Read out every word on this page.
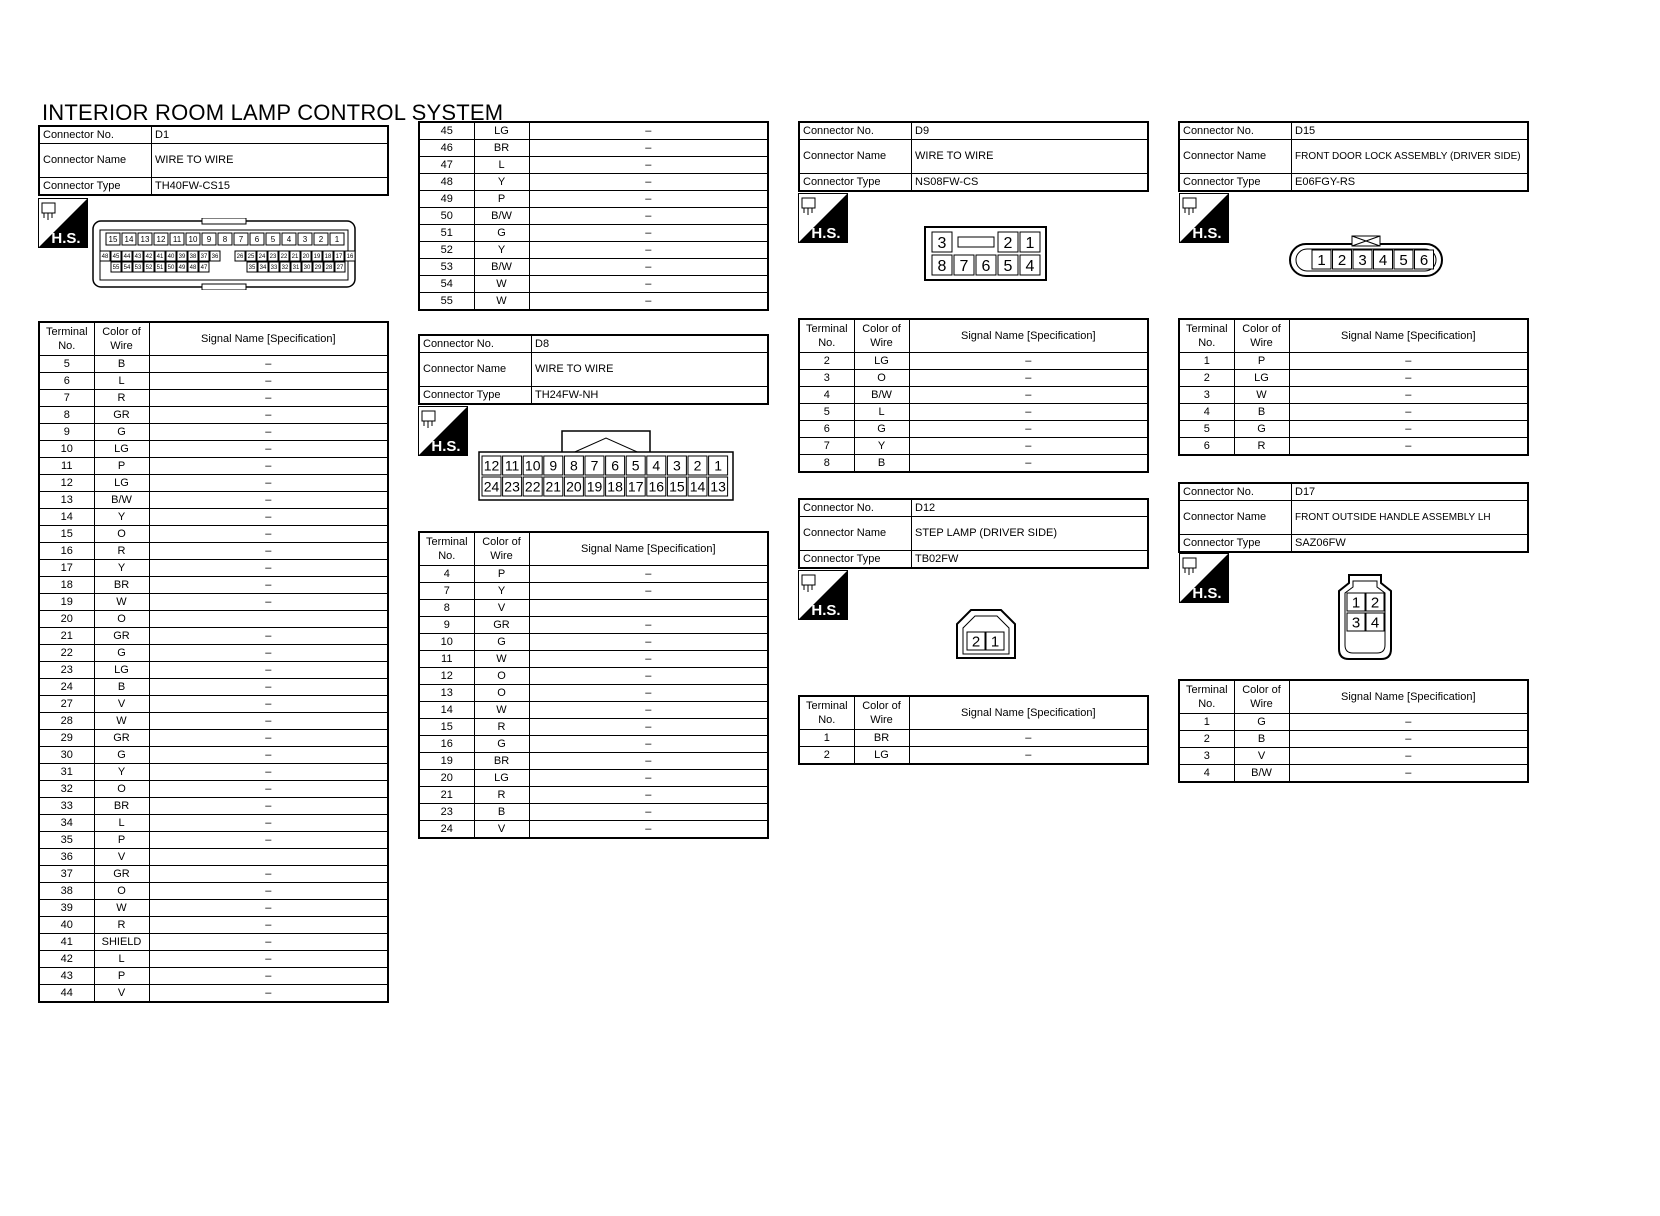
INTERIOR ROOM LAMP CONTROL SYSTEM
Connector No.	D1
Connector Name	WIRE TO WIRE
Connector Type	TH40FW-CS15
H.S.	15 14 13 12 11 10 9 8 7 6 5 4 3 2 1
48 45 44 43 42 41 40 39 38 37 36	26 25 24 23 22 21 20 19 18 17 16
55 54 53 52 51 50 49 48 47	35 34 33 32 31 30 29 28 27
Terminal No.	Color of Wire	Signal Name [Specification]
5	B	–
6	L	–
7	R	–
8	GR	–
9	G	–
10	LG	–
11	P	–
12	LG	–
13	B/W	–
14	Y	–
15	O	–
16	R	–
17	Y	–
18	BR	–
19	W	–
20	O	
21	GR	–
22	G	–
23	LG	–
24	B	–
27	V	–
28	W	–
29	GR	–
30	G	–
31	Y	–
32	O	–
33	BR	–
34	L	–
35	P	–
36	V	
37	GR	–
38	O	–
39	W	–
40	R	–
41	SHIELD	–
42	L	–
43	P	–
44	V	–
45	LG	–
46	BR	–
47	L	–
48	Y	–
49	P	–
50	B/W	–
51	G	–
52	Y	–
53	B/W	–
54	W	–
55	W	–
Connector No.	D8
Connector Name	WIRE TO WIRE
Connector Type	TH24FW-NH
H.S.
12 11 10 9 8 7 6 5 4 3 2 1
24 23 22 21 20 19 18 17 16 15 14 13
Terminal No.	Color of Wire	Signal Name [Specification]
4	P	–
7	Y	–
8	V	
9	GR	–
10	G	–
11	W	–
12	O	–
13	O	–
14	W	–
15	R	–
16	G	–
19	BR	–
20	LG	–
21	R	–
23	B	–
24	V	–
Connector No.	D9
Connector Name	WIRE TO WIRE
Connector Type	NS08FW-CS
H.S.
3	2 1
8 7 6 5 4
Terminal No.	Color of Wire	Signal Name [Specification]
2	LG	–
3	O	–
4	B/W	–
5	L	–
6	G	–
7	Y	–
8	B	–
Connector No.	D12
Connector Name	STEP LAMP (DRIVER SIDE)
Connector Type	TB02FW
H.S.
2 1
Terminal No.	Color of Wire	Signal Name [Specification]
1	BR	–
2	LG	–
Connector No.	D15
Connector Name	FRONT DOOR LOCK ASSEMBLY (DRIVER SIDE)
Connector Type	E06FGY-RS
H.S.
1 2 3 4 5 6
Terminal No.	Color of Wire	Signal Name [Specification]
1	P	–
2	LG	–
3	W	–
4	B	–
5	G	–
6	R	–
Connector No.	D17
Connector Name	FRONT OUTSIDE HANDLE ASSEMBLY LH
Connector Type	SAZ06FW
H.S.
1 2
3 4
Terminal No.	Color of Wire	Signal Name [Specification]
1	G	–
2	B	–
3	V	–
4	B/W	–
